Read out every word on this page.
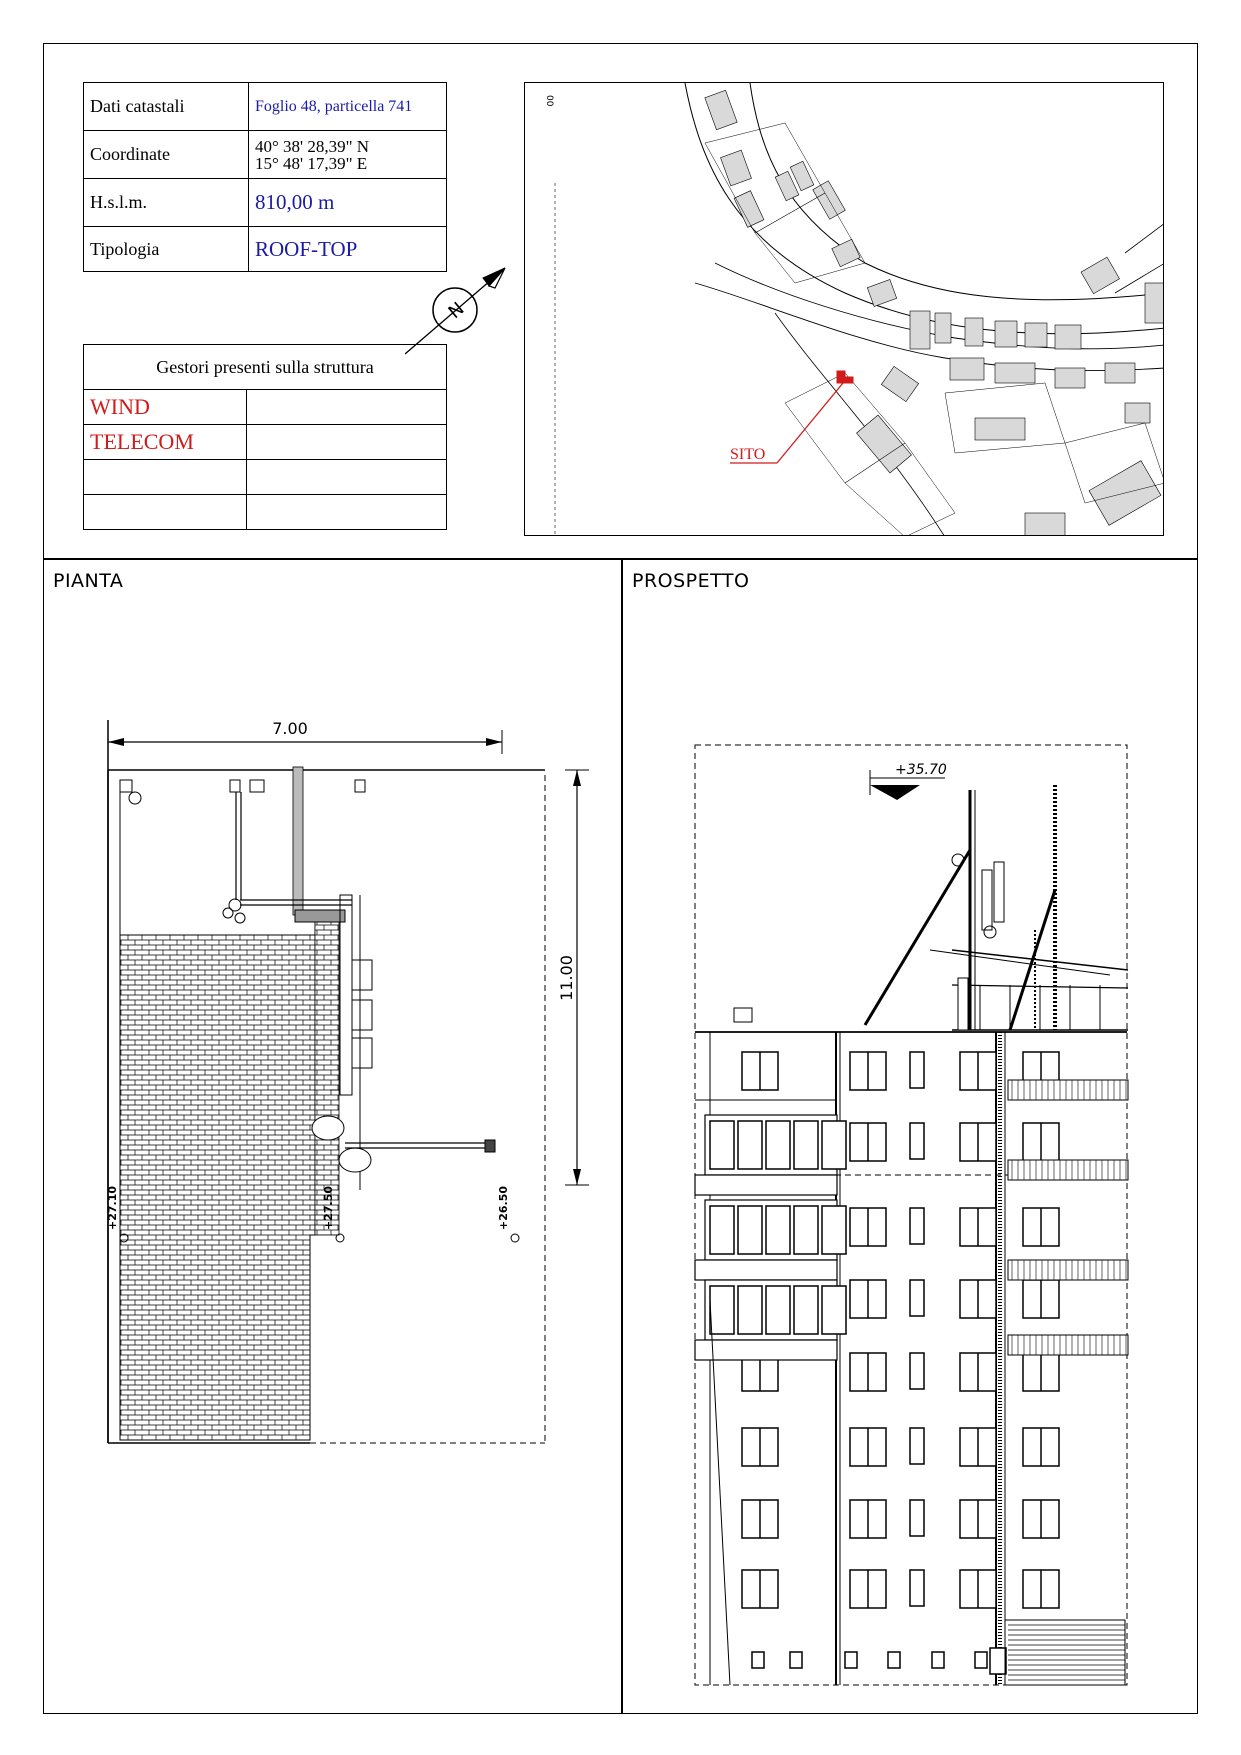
Dati catastali	Foglio 48, particella 741
Coordinate	40° 38' 28,39" N
15° 48' 17,39" E

H.s.l.m.	810,00 m
Tipologia	ROOF-TOP
N
Gestori presenti sulla struttura	
WIND	
TELECOM	

00
SITO
PIANTA	PROSPETTO
7.00
11.00
+27.10	+27.50	+26.50
+35.70
